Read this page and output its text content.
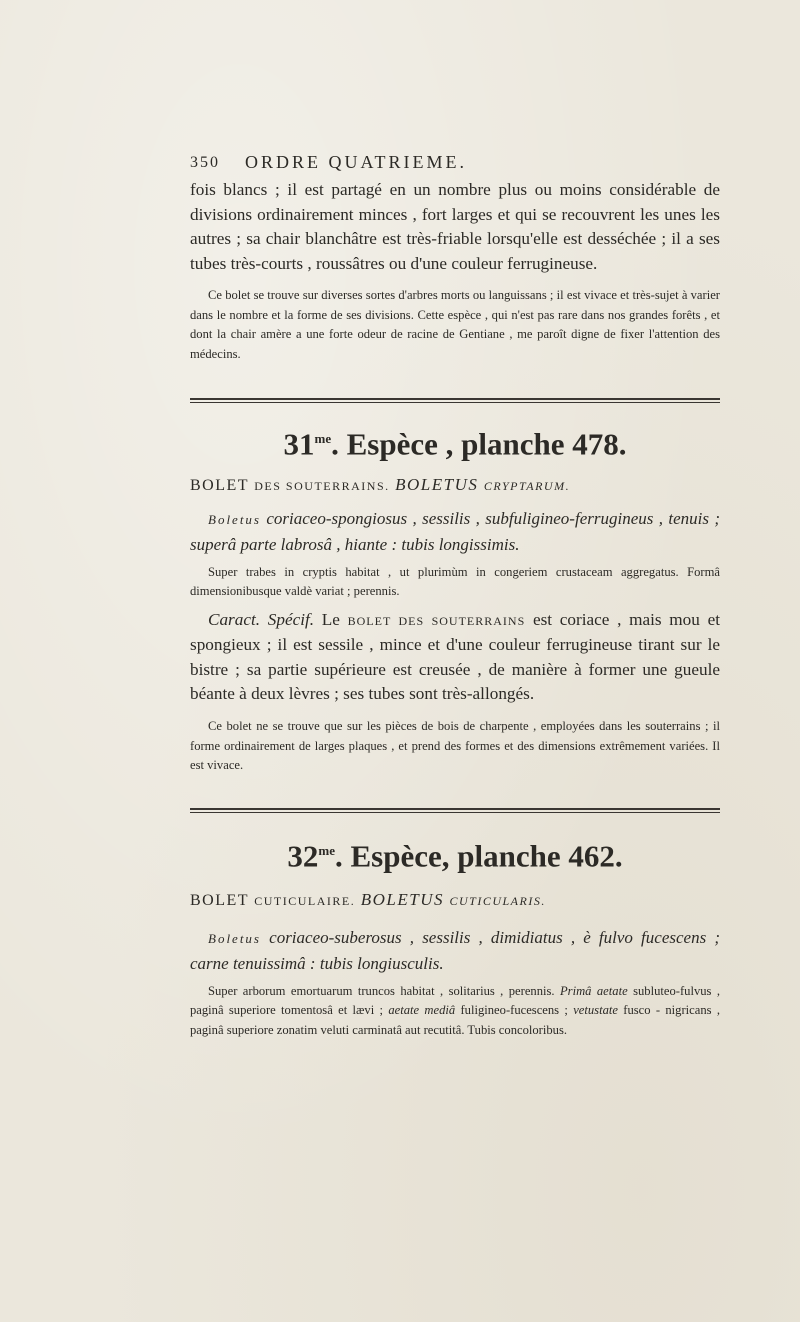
350 ORDRE QUATRIEME.

fois blancs ; il est partagé en un nombre plus ou moins considérable de divisions ordinairement minces , fort larges et qui se recouvrent les unes les autres ; sa chair blanchâtre est très-friable lorsqu'elle est desséchée ; il a ses tubes très-courts , roussâtres ou d'une couleur ferrugineuse.

Ce bolet se trouve sur diverses sortes d'arbres morts ou languissans ; il est vivace et très-sujet à varier dans le nombre et la forme de ses divisions. Cette espèce , qui n'est pas rare dans nos grandes forêts , et dont la chair amère a une forte odeur de racine de Gentiane , me paroît digne de fixer l'attention des médecins.

$31^{me}$. Espèce , planche 478.

BOLET DES SOUTERRAINS. BOLETUS CRYPTARUM.

Boletus coriaceo-spongiosus , sessilis , subfuligineo-ferrugineus , tenuis ; superâ parte labrosâ , hiante : tubis longissimis.

Super trabes in cryptis habitat , ut plurimùm in congeriem crustaceam aggregatus. Formâ dimensionibusque valdè variat ; perennis.

Caract. Spécif. Le BOLET DES SOUTERRAINS est coriace , mais mou et spongieux ; il est sessile , mince et d'une couleur ferrugineuse tirant sur le bistre ; sa partie supérieure est creusée , de manière à former une gueule béante à deux lèvres ; ses tubes sont très-allongés.

Ce bolet ne se trouve que sur les pièces de bois de charpente , employées dans les souterrains ; il forme ordinairement de larges plaques , et prend des formes et des dimensions extrêmement variées. Il est vivace.

$32^{me}$. Espèce, planche 462.

BOLET CUTICULAIRE. BOLETUS CUTICULARIS.

Boletus coriaceo-suberosus , sessilis , dimidiatus , è fulvo fucescens ; carne tenuissimâ : tubis longiusculis.

Super arborum emortuarum truncos habitat , solitarius , perennis. Primâ aetate subluteo-fulvus , paginâ superiore tomentosâ et lævi ; aetate mediâ fuligineo-fucescens ; vetustate fusco - nigricans , paginâ superiore zonatim veluti carminatâ aut recutitâ. Tubis concoloribus.
